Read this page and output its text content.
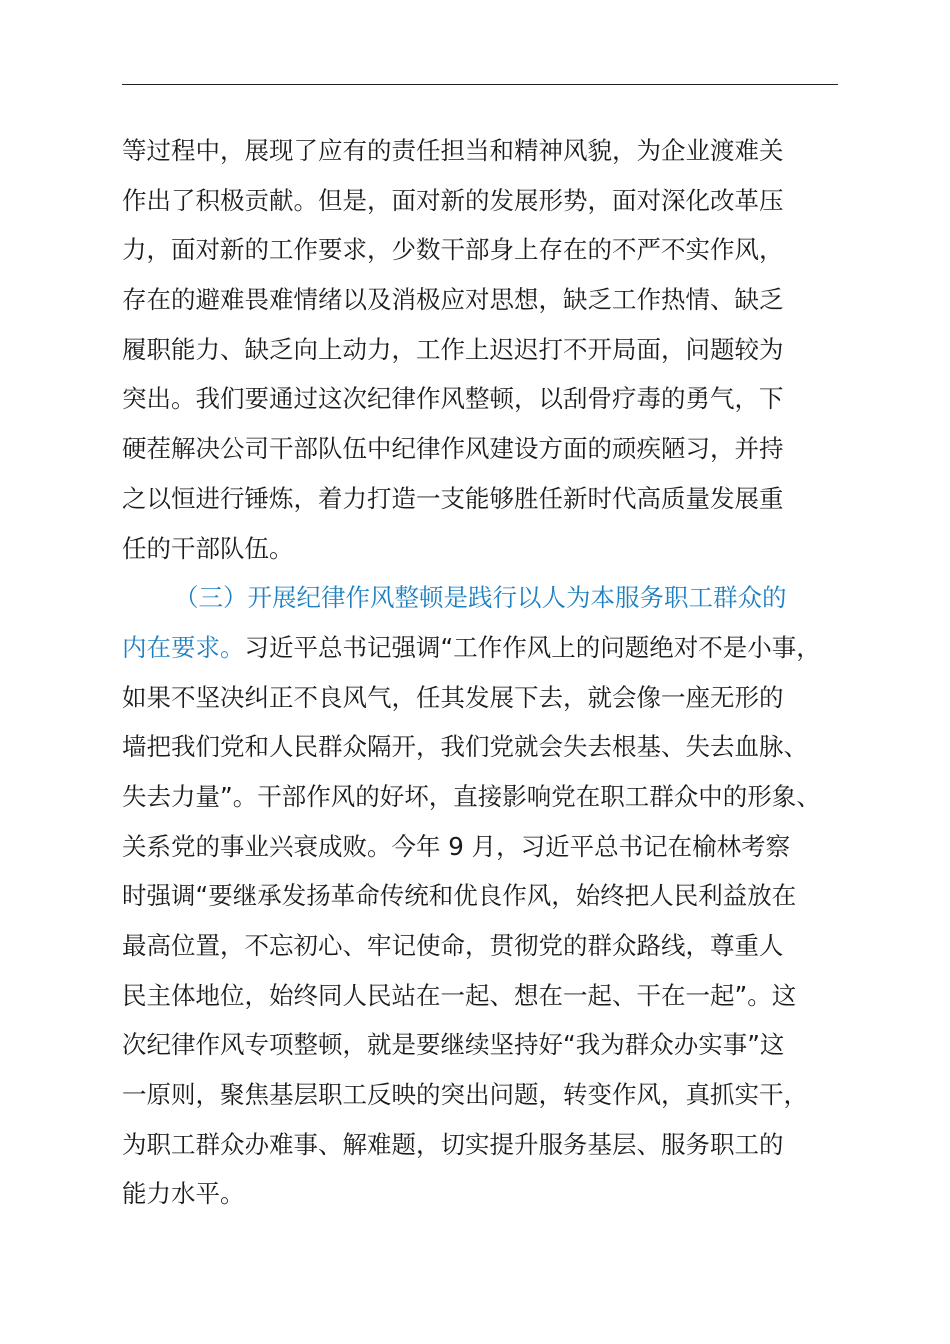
等过程中，展现了应有的责任担当和精神风貌，为企业渡难关
作出了积极贡献。但是，面对新的发展形势，面对深化改革压
力，面对新的工作要求，少数干部身上存在的不严不实作风，
存在的避难畏难情绪以及消极应对思想，缺乏工作热情、缺乏
履职能力、缺乏向上动力，工作上迟迟打不开局面，问题较为
突出。我们要通过这次纪律作风整顿，以刮骨疗毒的勇气，下
硬茬解决公司干部队伍中纪律作风建设方面的顽疾陋习，并持
之以恒进行锤炼，着力打造一支能够胜任新时代高质量发展重
任的干部队伍。
（三）开展纪律作风整顿是践行以人为本服务职工群众的
内在要求。习近平总书记强调“工作作风上的问题绝对不是小事，
如果不坚决纠正不良风气，任其发展下去，就会像一座无形的
墙把我们党和人民群众隔开，我们党就会失去根基、失去血脉、
失去力量”。干部作风的好坏，直接影响党在职工群众中的形象、
关系党的事业兴衰成败。今年 9 月，习近平总书记在榆林考察
时强调“要继承发扬革命传统和优良作风，始终把人民利益放在
最高位置，不忘初心、牢记使命，贯彻党的群众路线，尊重人
民主体地位，始终同人民站在一起、想在一起、干在一起”。这
次纪律作风专项整顿，就是要继续坚持好“我为群众办实事”这
一原则，聚焦基层职工反映的突出问题，转变作风，真抓实干，
为职工群众办难事、解难题，切实提升服务基层、服务职工的
能力水平。
